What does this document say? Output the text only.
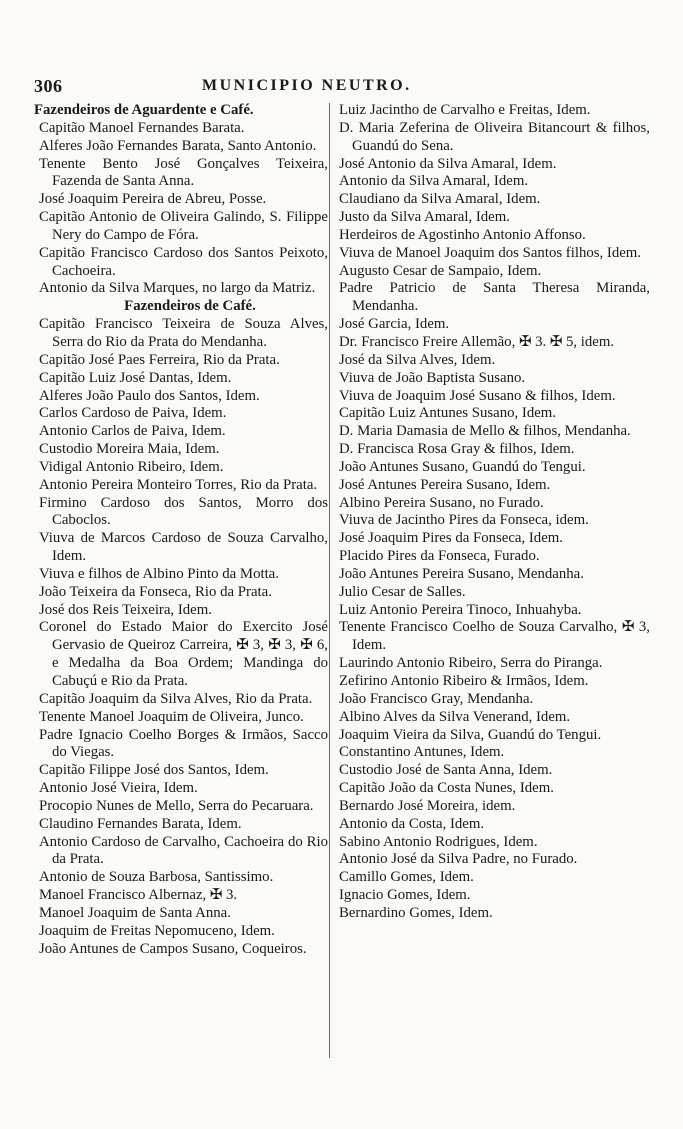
306	MUNICIPIO NEUTRO.

Fazendeiros de Aguardente e Café.

Capitão Manoel Fernandes Barata.

Alferes João Fernandes Barata, Santo Antonio.

Tenente Bento José Gonçalves Teixeira, Fazenda de Santa Anna.

José Joaquim Pereira de Abreu, Posse.

Capitão Antonio de Oliveira Galindo, S. Filippe Nery do Campo de Fóra.

Capitão Francisco Cardoso dos Santos Peixoto, Cachoeira.

Antonio da Silva Marques, no largo da Matriz.

Fazendeiros de Café.

Capitão Francisco Teixeira de Souza Alves, Serra do Rio da Prata do Mendanha.

Capitão José Paes Ferreira, Rio da Prata.

Capitão Luiz José Dantas, Idem.

Alferes João Paulo dos Santos, Idem.

Carlos Cardoso de Paiva, Idem.

Antonio Carlos de Paiva, Idem.

Custodio Moreira Maia, Idem.

Vidigal Antonio Ribeiro, Idem.

Antonio Pereira Monteiro Torres, Rio da Prata.

Firmino Cardoso dos Santos, Morro dos Caboclos.

Viuva de Marcos Cardoso de Souza Carvalho, Idem.

Viuva e filhos de Albino Pinto da Motta.

João Teixeira da Fonseca, Rio da Prata.

José dos Reis Teixeira, Idem.

Coronel do Estado Maior do Exercito José Gervasio de Queiroz Carreira, ✠ 3, ✠ 3, ✠ 6, e Medalha da Boa Ordem; Mandinga do Cabuçú e Rio da Prata.

Capitão Joaquim da Silva Alves, Rio da Prata.

Tenente Manoel Joaquim de Oliveira, Junco.

Padre Ignacio Coelho Borges & Irmãos, Sacco do Viegas.

Capitão Filippe José dos Santos, Idem.

Antonio José Vieira, Idem.

Procopio Nunes de Mello, Serra do Pecaruara.

Claudino Fernandes Barata, Idem.

Antonio Cardoso de Carvalho, Cachoeira do Rio da Prata.

Antonio de Souza Barbosa, Santissimo.

Manoel Francisco Albernaz, ✠ 3.

Manoel Joaquim de Santa Anna.

Joaquim de Freitas Nepomuceno, Idem.

João Antunes de Campos Susano, Coqueiros.

Luiz Jacintho de Carvalho e Freitas, Idem.

D. Maria Zeferina de Oliveira Bitancourt & filhos, Guandú do Sena.

José Antonio da Silva Amaral, Idem.

Antonio da Silva Amaral, Idem.

Claudiano da Silva Amaral, Idem.

Justo da Silva Amaral, Idem.

Herdeiros de Agostinho Antonio Affonso.

Viuva de Manoel Joaquim dos Santos filhos, Idem.

Augusto Cesar de Sampaio, Idem.

Padre Patricio de Santa Theresa Miranda, Mendanha.

José Garcia, Idem.

Dr. Francisco Freire Allemão, ✠ 3. ✠ 5, idem.

José da Silva Alves, Idem.

Viuva de João Baptista Susano.

Viuva de Joaquim José Susano & filhos, Idem.

Capitão Luiz Antunes Susano, Idem.

D. Maria Damasia de Mello & filhos, Mendanha.

D. Francisca Rosa Gray & filhos, Idem.

João Antunes Susano, Guandú do Tengui.

José Antunes Pereira Susano, Idem.

Albino Pereira Susano, no Furado.

Viuva de Jacintho Pires da Fonseca, idem.

José Joaquim Pires da Fonseca, Idem.

Placido Pires da Fonseca, Furado.

João Antunes Pereira Susano, Mendanha.

Julio Cesar de Salles.

Luiz Antonio Pereira Tinoco, Inhuahyba.

Tenente Francisco Coelho de Souza Carvalho, ✠ 3, Idem.

Laurindo Antonio Ribeiro, Serra do Piranga.

Zefirino Antonio Ribeiro & Irmãos, Idem.

João Francisco Gray, Mendanha.

Albino Alves da Silva Venerand, Idem.

Joaquim Vieira da Silva, Guandú do Tengui.

Constantino Antunes, Idem.

Custodio José de Santa Anna, Idem.

Capitão João da Costa Nunes, Idem.

Bernardo José Moreira, idem.

Antonio da Costa, Idem.

Sabino Antonio Rodrigues, Idem.

Antonio José da Silva Padre, no Furado.

Camillo Gomes, Idem.

Ignacio Gomes, Idem.

Bernardino Gomes, Idem.
